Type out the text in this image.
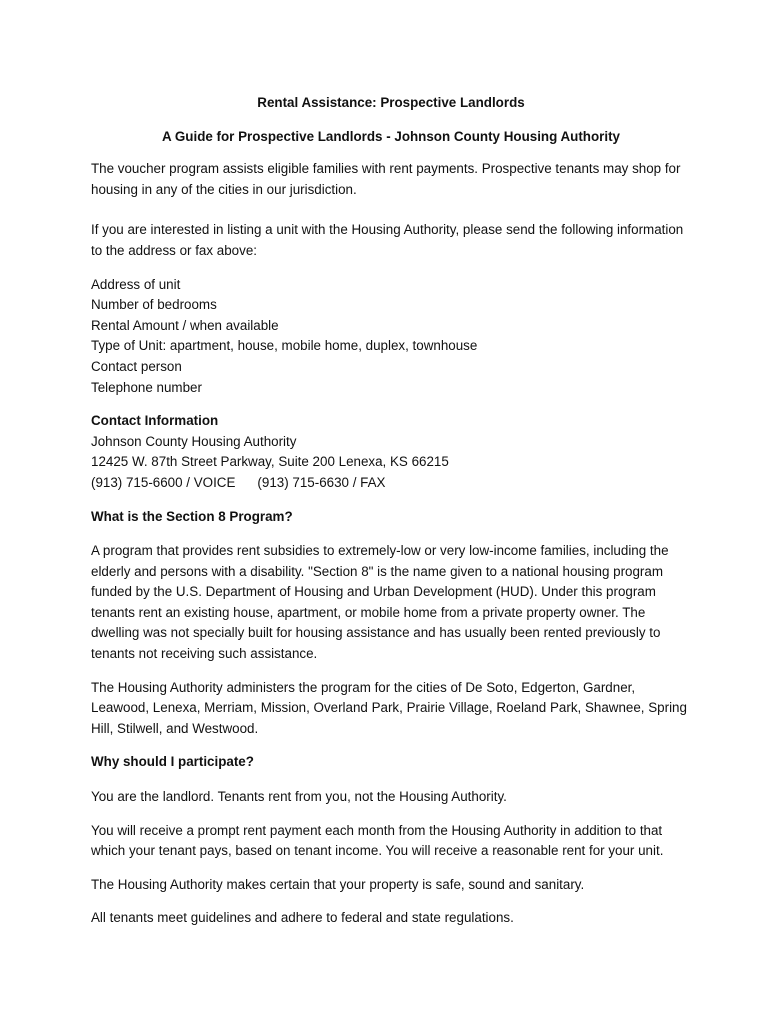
Rental Assistance: Prospective Landlords

A Guide for Prospective Landlords - Johnson County Housing Authority

The voucher program assists eligible families with rent payments. Prospective tenants may shop for housing in any of the cities in our jurisdiction.

If you are interested in listing a unit with the Housing Authority, please send the following information to the address or fax above:

Address of unit
Number of bedrooms
Rental Amount / when available
Type of Unit: apartment, house, mobile home, duplex, townhouse
Contact person
Telephone number
Contact Information
Johnson County Housing Authority
12425 W. 87th Street Parkway, Suite 200 Lenexa, KS 66215
(913) 715-6600 / VOICE (913) 715-6630 / FAX

What is the Section 8 Program?

A program that provides rent subsidies to extremely-low or very low-income families, including the elderly and persons with a disability. "Section 8" is the name given to a national housing program funded by the U.S. Department of Housing and Urban Development (HUD). Under this program tenants rent an existing house, apartment, or mobile home from a private property owner. The dwelling was not specially built for housing assistance and has usually been rented previously to tenants not receiving such assistance.

The Housing Authority administers the program for the cities of De Soto, Edgerton, Gardner, Leawood, Lenexa, Merriam, Mission, Overland Park, Prairie Village, Roeland Park, Shawnee, Spring Hill, Stilwell, and Westwood.

Why should I participate?

You are the landlord. Tenants rent from you, not the Housing Authority.

You will receive a prompt rent payment each month from the Housing Authority in addition to that which your tenant pays, based on tenant income. You will receive a reasonable rent for your unit.

The Housing Authority makes certain that your property is safe, sound and sanitary.

All tenants meet guidelines and adhere to federal and state regulations.
